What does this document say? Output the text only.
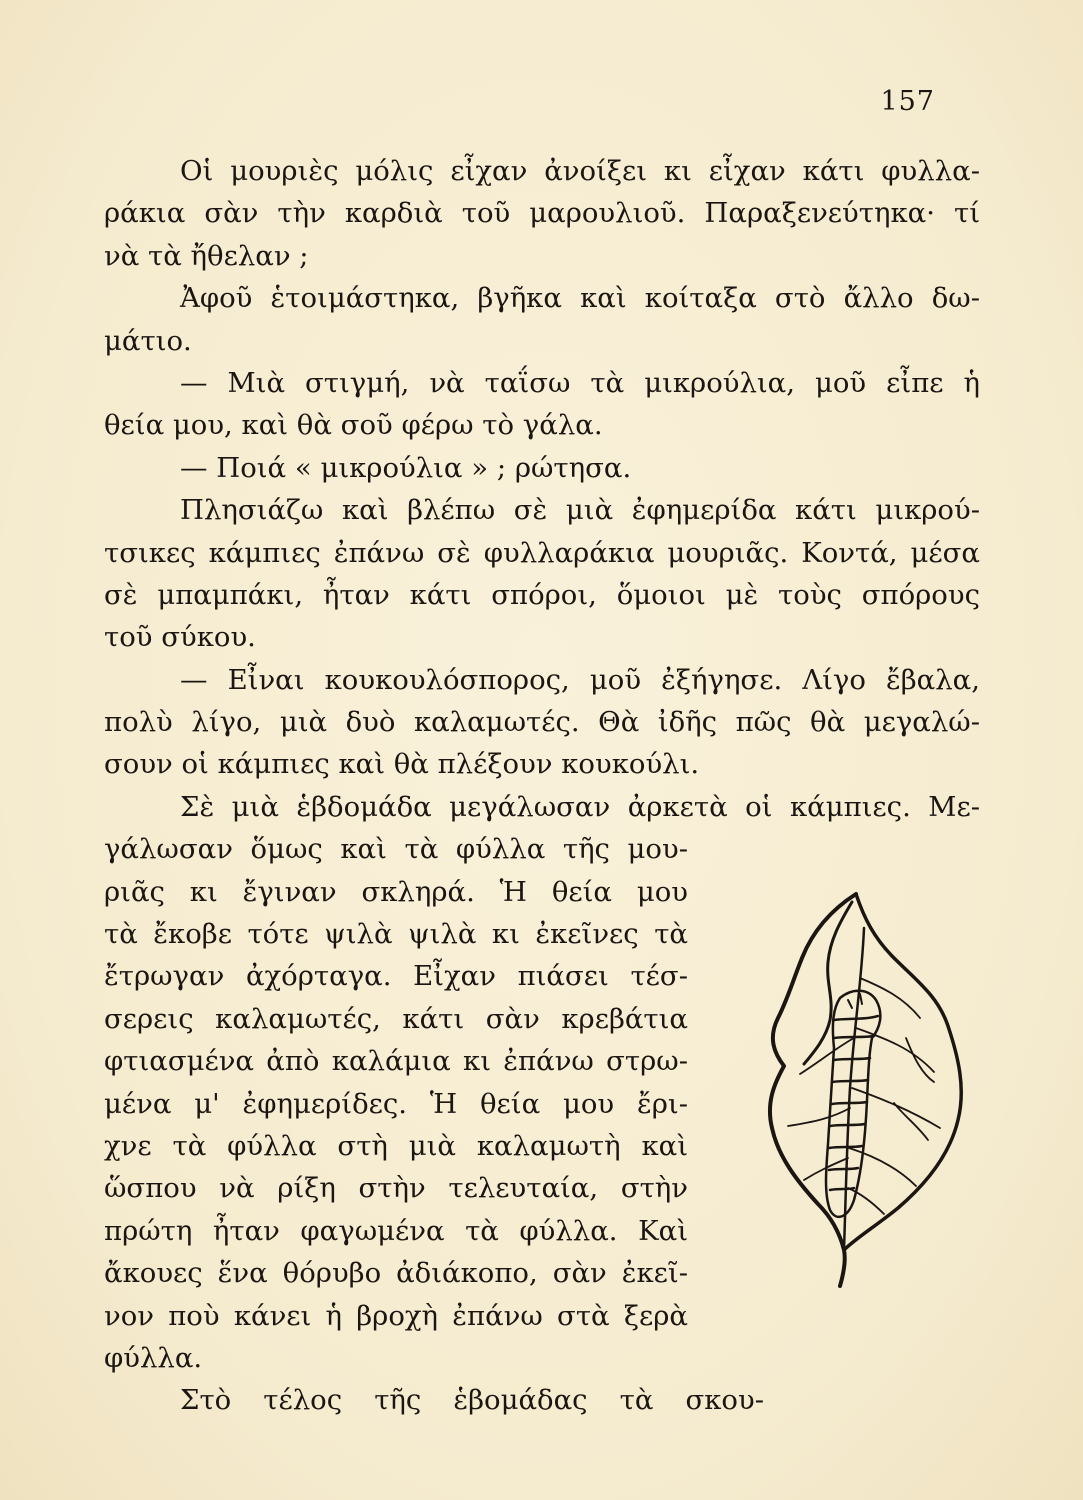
157

Οἱ μουριὲς μόλις εἶχαν ἀνοίξει κι εἶχαν κάτι φυλλα-
ράκια σὰν τὴν καρδιὰ τοῦ μαρουλιοῦ. Παραξενεύτηκα· τί
νὰ τὰ ἤθελαν ;

Ἀφοῦ ἑτοιμάστηκα, βγῆκα καὶ κοίταξα στὸ ἄλλο δω-
μάτιο.

— Μιὰ στιγμή, νὰ ταΐσω τὰ μικρούλια, μοῦ εἶπε ἡ
θεία μου, καὶ θὰ σοῦ φέρω τὸ γάλα.

— Ποιά « μικρούλια » ; ρώτησα.

Πλησιάζω καὶ βλέπω σὲ μιὰ ἐφημερίδα κάτι μικρού-
τσικες κάμπιες ἐπάνω σὲ φυλλαράκια μουριᾶς. Κοντά, μέσα
σὲ μπαμπάκι, ἦταν κάτι σπόροι, ὅμοιοι μὲ τοὺς σπόρους
τοῦ σύκου.

— Εἶναι κουκουλόσπορος, μοῦ ἐξήγησε. Λίγο ἔβαλα,
πολὺ λίγο, μιὰ δυὸ καλαμωτές. Θὰ ἰδῆς πῶς θὰ μεγαλώ-
σουν οἱ κάμπιες καὶ θὰ πλέξουν κουκούλι.

Σὲ μιὰ ἑβδομάδα μεγάλωσαν ἀρκετὰ οἱ κάμπιες. Με-
γάλωσαν ὅμως καὶ τὰ φύλλα τῆς μου-
ριᾶς κι ἔγιναν σκληρά. Ἡ θεία μου
τὰ ἔκοβε τότε ψιλὰ ψιλὰ κι ἐκεῖνες τὰ
ἔτρωγαν ἀχόρταγα. Εἶχαν πιάσει τέσ-
σερεις καλαμωτές, κάτι σὰν κρεβάτια
φτιασμένα ἀπὸ καλάμια κι ἐπάνω στρω-
μένα μ' ἐφημερίδες. Ἡ θεία μου ἔρι-
χνε τὰ φύλλα στὴ μιὰ καλαμωτὴ καὶ
ὥσπου νὰ ρίξη στὴν τελευταία, στὴν
πρώτη ἦταν φαγωμένα τὰ φύλλα. Καὶ
ἄκουες ἕνα θόρυβο ἀδιάκοπο, σὰν ἐκεῖ-
νον ποὺ κάνει ἡ βροχὴ ἐπάνω στὰ ξερὰ
φύλλα.

Στὸ τέλος τῆς ἑβομάδας τὰ σκου-
